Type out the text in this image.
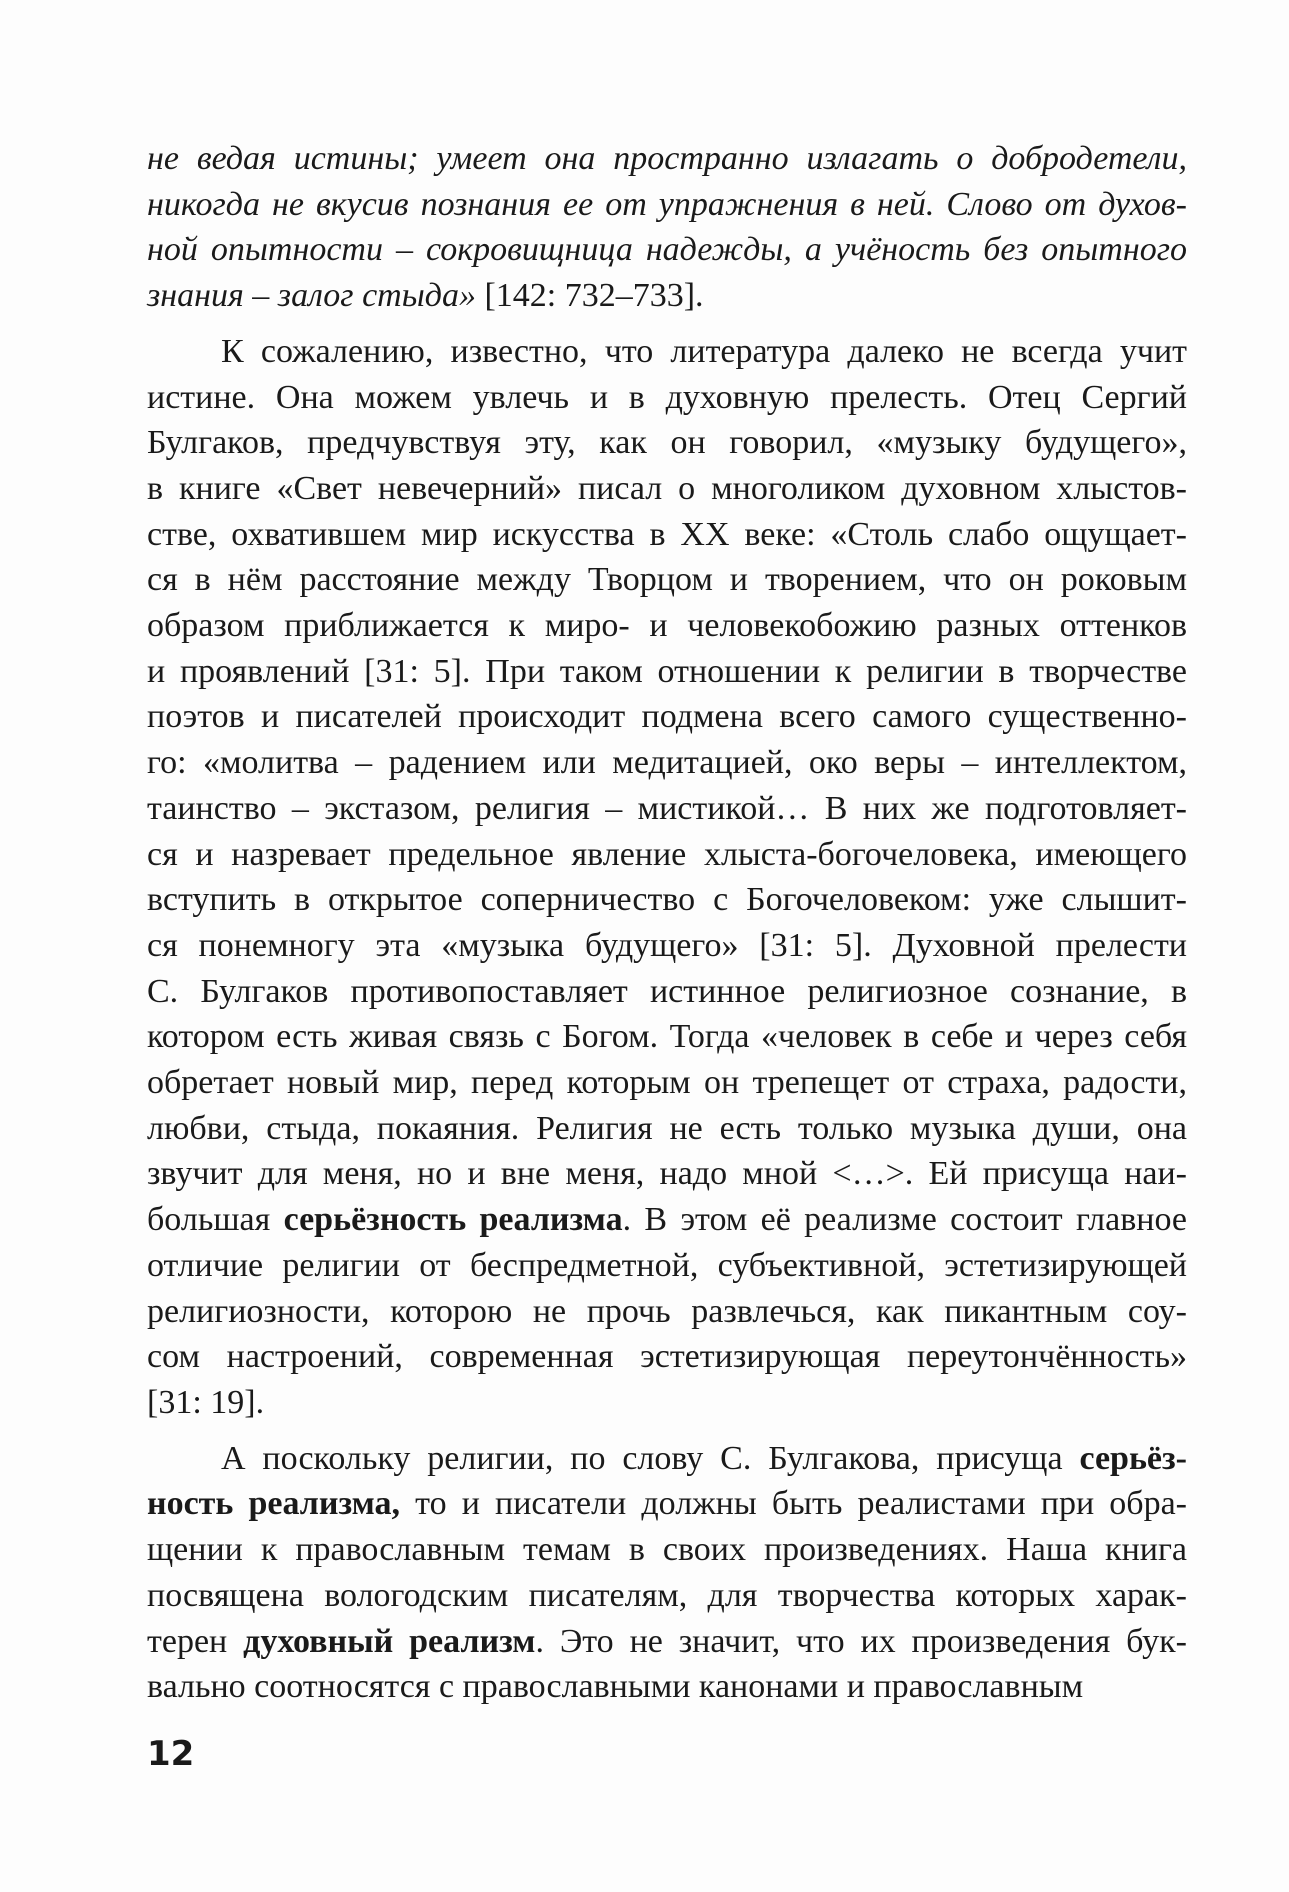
не ведая истины; умеет она пространно излагать о добродетели,
никогда не вкусив познания ее от упражнения в ней. Слово от духов-
ной опытности – сокровищница надежды, а учёность без опытного
знания – залог стыда» [142: 732–733].
К сожалению, известно, что литература далеко не всегда учит
истине. Она можем увлечь и в духовную прелесть. Отец Сергий
Булгаков, предчувствуя эту, как он говорил, «музыку будущего»,
в книге «Свет невечерний» писал о многоликом духовном хлыстов-
стве, охватившем мир искусства в XX веке: «Столь слабо ощущает-
ся в нём расстояние между Творцом и творением, что он роковым
образом приближается к миро- и человекобожию разных оттенков
и проявлений [31: 5]. При таком отношении к религии в творчестве
поэтов и писателей происходит подмена всего самого существенно-
го: «молитва – радением или медитацией, око веры – интеллектом,
таинство – экстазом, религия – мистикой… В них же подготовляет-
ся и назревает предельное явление хлыста-богочеловека, имеющего
вступить в открытое соперничество с Богочеловеком: уже слышит-
ся понемногу эта «музыка будущего» [31: 5]. Духовной прелести
С. Булгаков противопоставляет истинное религиозное сознание, в
котором есть живая связь с Богом. Тогда «человек в себе и через себя
обретает новый мир, перед которым он трепещет от страха, радости,
любви, стыда, покаяния. Религия не есть только музыка души, она
звучит для меня, но и вне меня, надо мной <…>. Ей присуща наи-
большая серьёзность реализма. В этом её реализме состоит главное
отличие религии от беспредметной, субъективной, эстетизирующей
религиозности, которою не прочь развлечься, как пикантным соу-
сом настроений, современная эстетизирующая переутончённость»
[31: 19].
А поскольку религии, по слову С. Булгакова, присуща серьёз-
ность реализма, то и писатели должны быть реалистами при обра-
щении к православным темам в своих произведениях. Наша книга
посвящена вологодским писателям, для творчества которых харак-
терен духовный реализм. Это не значит, что их произведения бук-
вально соотносятся с православными канонами и православным
12
